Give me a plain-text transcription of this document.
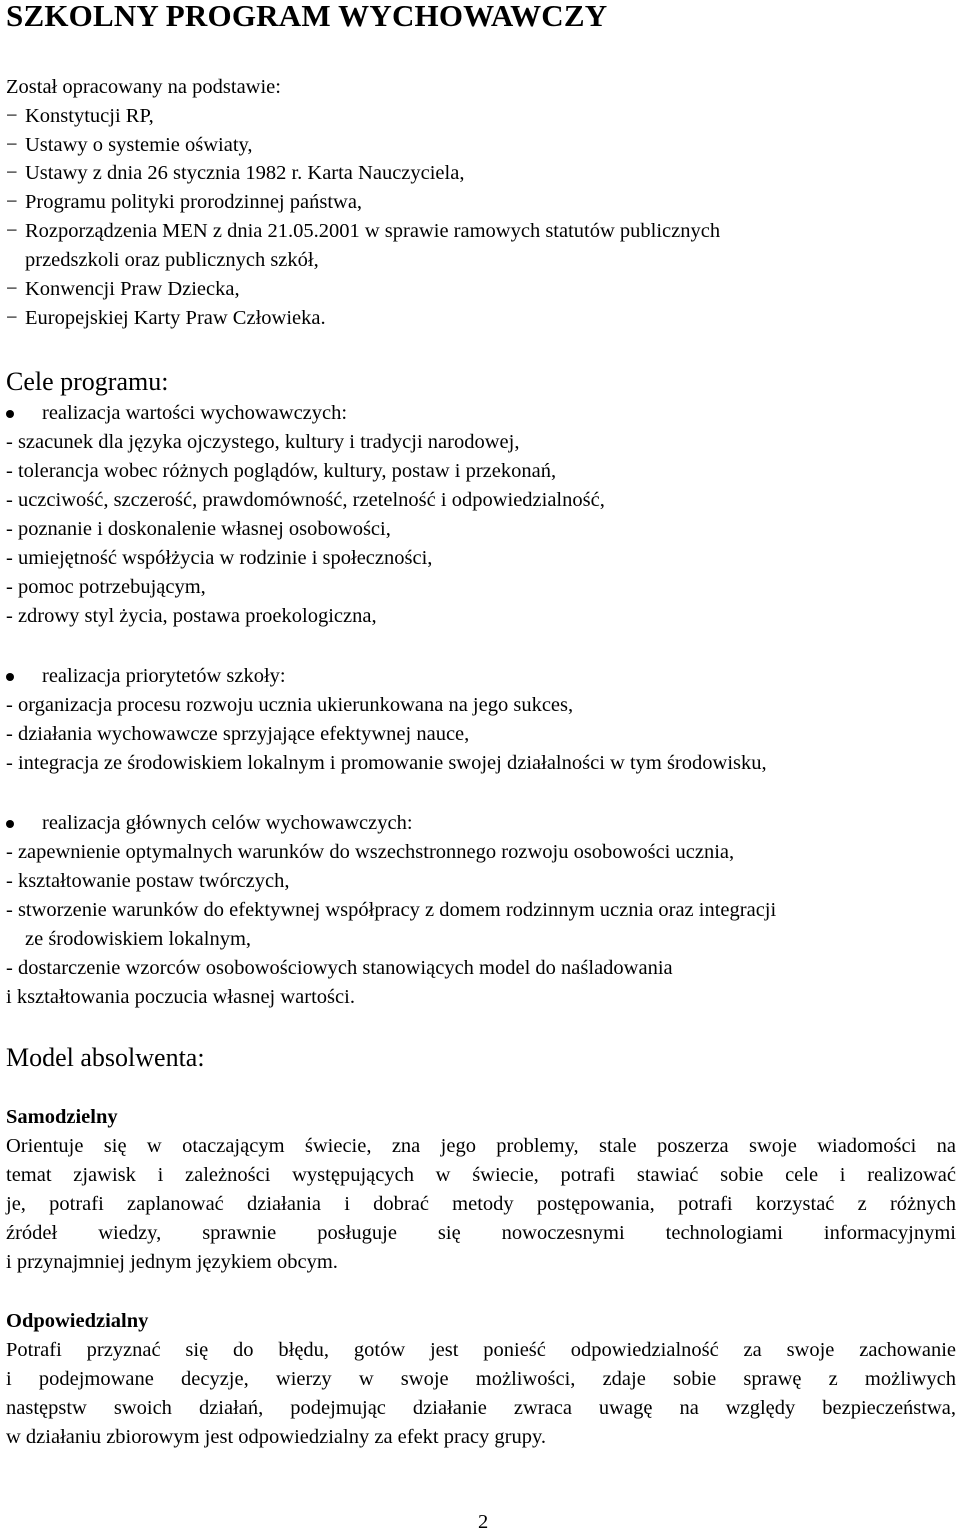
SZKOLNY PROGRAM WYCHOWAWCZY
Został opracowany na podstawie:
− Konstytucji RP,
− Ustawy o systemie oświaty,
− Ustawy z dnia 26 stycznia 1982 r. Karta Nauczyciela,
− Programu polityki prorodzinnej państwa,
− Rozporządzenia MEN z dnia 21.05.2001 w sprawie ramowych statutów publicznych
przedszkoli oraz publicznych szkół,
− Konwencji Praw Dziecka,
− Europejskiej Karty Praw Człowieka.
Cele programu:
realizacja wartości wychowawczych:
- szacunek dla języka ojczystego, kultury i tradycji narodowej,
- tolerancja wobec różnych poglądów, kultury, postaw i przekonań,
- uczciwość, szczerość, prawdomówność, rzetelność i odpowiedzialność,
- poznanie i doskonalenie własnej osobowości,
- umiejętność współżycia w rodzinie i społeczności,
- pomoc potrzebującym,
- zdrowy styl życia, postawa proekologiczna,
realizacja priorytetów szkoły:
- organizacja procesu rozwoju ucznia ukierunkowana na jego sukces,
- działania wychowawcze sprzyjające efektywnej nauce,
- integracja ze środowiskiem lokalnym i promowanie swojej działalności w tym środowisku,
realizacja głównych celów wychowawczych:
- zapewnienie optymalnych warunków do wszechstronnego rozwoju osobowości ucznia,
- kształtowanie postaw twórczych,
- stworzenie warunków do efektywnej współpracy z domem rodzinnym ucznia oraz integracji
ze środowiskiem lokalnym,
- dostarczenie wzorców osobowościowych stanowiących model do naśladowania
i kształtowania poczucia własnej wartości.
Model absolwenta:
Samodzielny
Orientuje się w otaczającym świecie, zna jego problemy, stale poszerza swoje wiadomości na
temat zjawisk i zależności występujących w świecie, potrafi stawiać sobie cele i realizować
je, potrafi zaplanować działania i dobrać metody postępowania, potrafi korzystać z różnych
źródeł wiedzy, sprawnie posługuje się nowoczesnymi technologiami informacyjnymi
i przynajmniej jednym językiem obcym.
Odpowiedzialny
Potrafi przyznać się do błędu, gotów jest ponieść odpowiedzialność za swoje zachowanie
i podejmowane decyzje, wierzy w swoje możliwości, zdaje sobie sprawę z możliwych
następstw swoich działań, podejmując działanie zwraca uwagę na względy bezpieczeństwa,
w działaniu zbiorowym jest odpowiedzialny za efekt pracy grupy.
2
